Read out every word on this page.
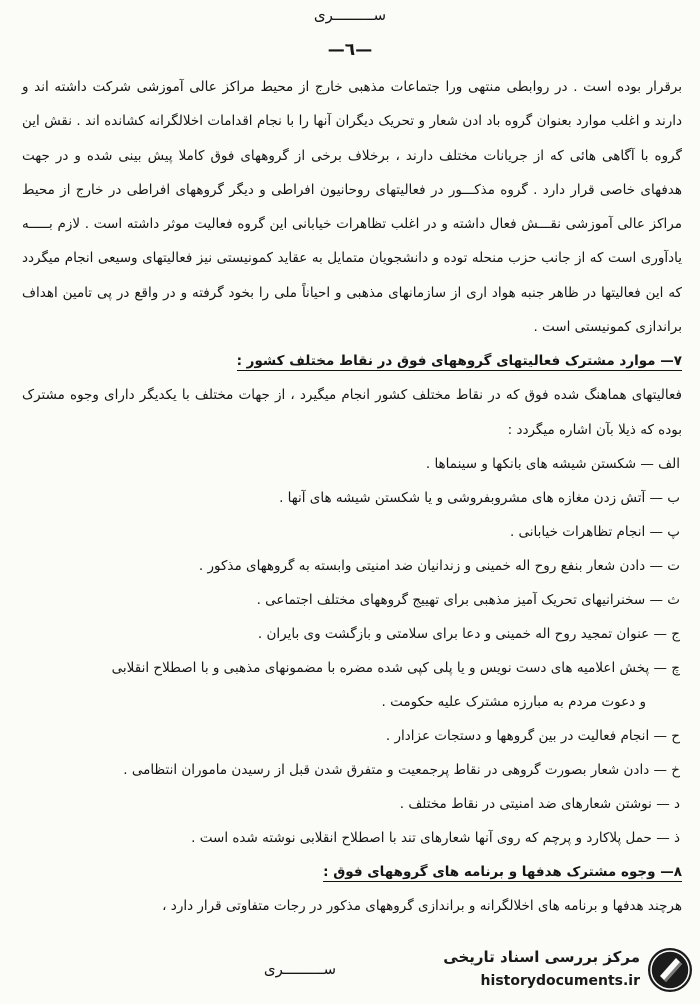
ســـــــــری
—٦—

برقرار بوده است . در روابطی منتهی ورا جتماعات مذهبی خارج از محیط مراکز عالی آموزشی شرکت داشته اند و دارند و اغلب موارد بعنوان گروه باد ادن شعار و تحریک دیگران آنها را با نجام اقدامات اخلالگرانه کشانده اند . نقش این گروه با آگاهی هائی که از جریانات مختلف دارند ، برخلاف برخی از گروههای فوق کاملا پیش بینی شده و در جهت هدفهای خاصی قرار دارد . گروه مذکـــور در فعالیتهای روحانیون افراطی و دیگر گروههای افراطی در خارج از محیط مراکز عالی آموزشی نقـــش فعال داشته و در اغلب تظاهرات خیابانی این گروه فعالیت موثر داشته است . لازم بـــــه یادآوری است که از جانب حزب منحله توده و دانشجویان متمایل به عقاید کمونیستی نیز فعالیتهای وسیعی انجام میگردد که این فعالیتها در ظاهر جنبه هواد اری از سازمانهای مذهبی و احیاناً ملی را بخود گرفته و در واقع در پی تامین اهداف براندازی کمونیستی است .

٧— موارد مشترک فعالیتهای گروههای فوق در نقاط مختلف کشور :

فعالیتهای هماهنگ شده فوق که در نقاط مختلف کشور انجام میگیرد ، از جهات مختلف با یکدیگر دارای وجوه مشترک بوده که ذیلا بآن اشاره میگردد :

الف — شکستن شیشه های بانکها و سینماها .

ب — آتش زدن مغازه های مشروبفروشی و یا شکستن شیشه های آنها .

پ — انجام تظاهرات خیابانی .

ت — دادن شعار بنفع روح اله خمینی و زندانیان ضد امنیتی وابسته به گروههای مذکور .

ث — سخنرانیهای تحریک آمیز مذهبی برای تهییج گروههای مختلف اجتماعی .

ج — عنوان تمجید روح اله خمینی و دعا برای سلامتی و بازگشت وی بایران .

چ — پخش اعلامیه های دست نویس و یا پلی کپی شده مضره با مضمونهای مذهبی و با اصطلاح انقلابی

و دعوت مردم به مبارزه مشترک علیه حکومت .

ح — انجام فعالیت در بین گروهها و دستجات عزادار .

خ — دادن شعار بصورت گروهی در نقاط پرجمعیت و متفرق شدن قبل از رسیدن ماموران انتظامی .

د — نوشتن شعارهای ضد امنیتی در نقاط مختلف .

ذ — حمل پلاکارد و پرچم که روی آنها شعارهای تند با اصطلاح انقلابی نوشته شده است .

٨— وجوه مشترک هدفها و برنامه های گروههای فوق :

هرچند هدفها و برنامه های اخلالگرانه و براندازی گروههای مذکور در رجات متفاوتی قرار دارد ،

ســـــــــری
مرکز بررسی اسناد تاریخی
historydocuments.ir
